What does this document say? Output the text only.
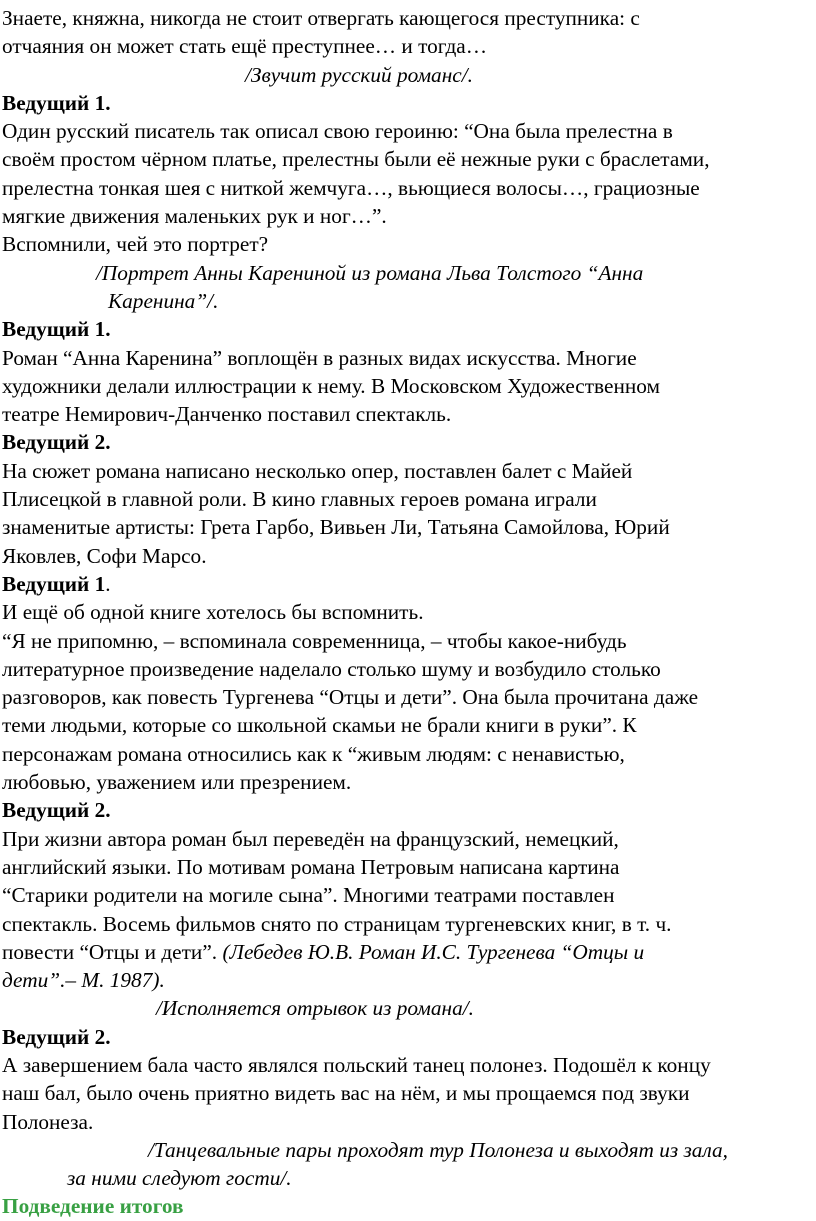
Знаете, княжна, никогда не стоит отвергать кающегося преступника: с
отчаяния он может стать ещё преступнее… и тогда…

/Звучит русский романс/.

Ведущий 1.
Один русский писатель так описал свою героиню: “Она была прелестна в
своём простом чёрном платье, прелестны были её нежные руки с браслетами,
прелестна тонкая шея с ниткой жемчуга…, вьющиеся волосы…, грациозные
мягкие движения маленьких рук и ног…”.
Вспомнили, чей это портрет?

/Портрет Анны Карениной из романа Льва Толстого “Анна
Каренина”/.

Ведущий 1.
Роман “Анна Каренина” воплощён в разных видах искусства. Многие
художники делали иллюстрации к нему. В Московском Художественном
театре Немирович-Данченко поставил спектакль.

Ведущий 2.
На сюжет романа написано несколько опер, поставлен балет с Майей
Плисецкой в главной роли. В кино главных героев романа играли
знаменитые артисты: Грета Гарбо, Вивьен Ли, Татьяна Самойлова, Юрий
Яковлев, Софи Марсо.

Ведущий 1.
И ещё об одной книге хотелось бы вспомнить.
“Я не припомню, – вспоминала современница, – чтобы какое-нибудь
литературное произведение наделало столько шуму и возбудило столько
разговоров, как повесть Тургенева “Отцы и дети”. Она была прочитана даже
теми людьми, которые со школьной скамьи не брали книги в руки”. К
персонажам романа относились как к “живым людям: с ненавистью,
любовью, уважением или презрением.

Ведущий 2.
При жизни автора роман был переведён на французский, немецкий,
английский языки. По мотивам романа Петровым написана картина
“Старики родители на могиле сына”. Многими театрами поставлен
спектакль. Восемь фильмов снято по страницам тургеневских книг, в т. ч.
повести “Отцы и дети”. (Лебедев Ю.В. Роман И.С. Тургенева “Отцы и
дети”.– М. 1987).

/Исполняется отрывок из романа/.

Ведущий 2.
А завершением бала часто являлся польский танец полонез. Подошёл к концу
наш бал, было очень приятно видеть вас на нём, и мы прощаемся под звуки
Полонеза.

/Танцевальные пары проходят тур Полонеза и выходят из зала,
за ними следуют гости/.

Подведение итогов
